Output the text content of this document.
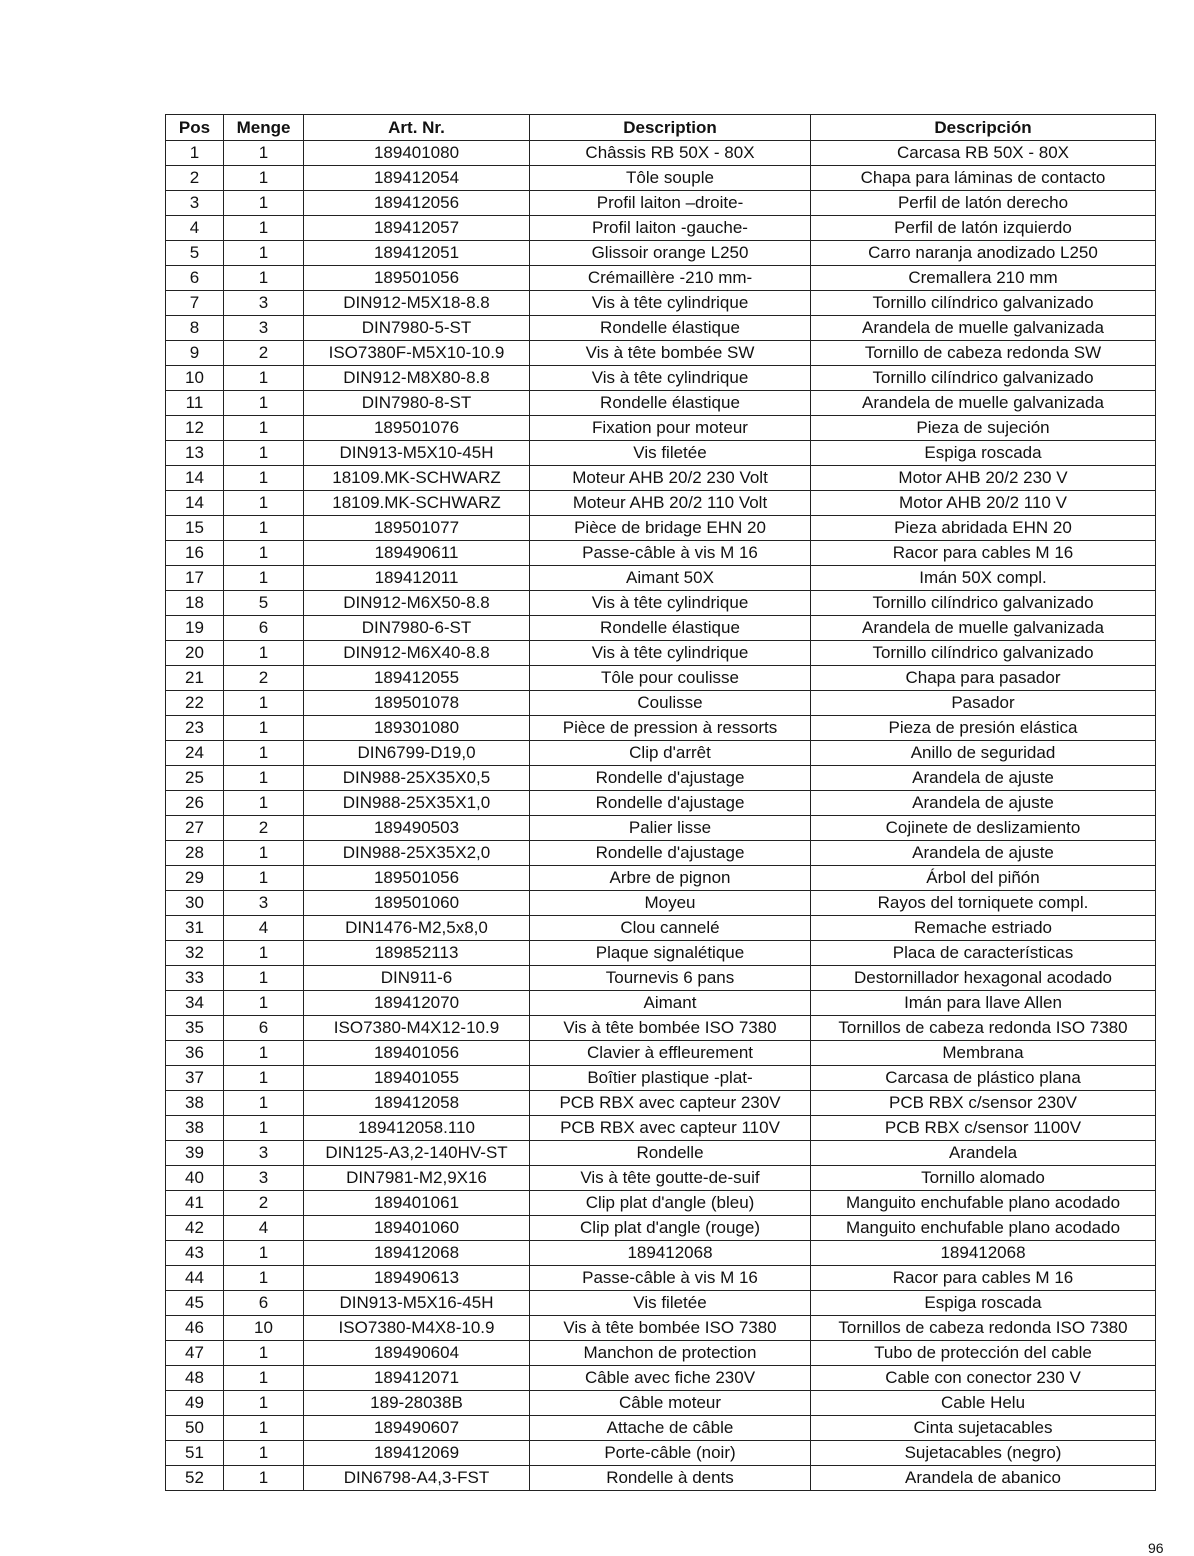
Pos	Menge	Art. Nr.	Description	Descripción
1	1	189401080	Châssis RB 50X - 80X	Carcasa RB 50X - 80X
2	1	189412054	Tôle souple	Chapa para láminas de contacto
3	1	189412056	Profil laiton –droite-	Perfil de latón derecho
4	1	189412057	Profil laiton -gauche-	Perfil de latón izquierdo
5	1	189412051	Glissoir orange L250	Carro naranja anodizado L250
6	1	189501056	Crémaillère -210 mm-	Cremallera 210 mm
7	3	DIN912-M5X18-8.8	Vis à tête cylindrique	Tornillo cilíndrico galvanizado
8	3	DIN7980-5-ST	Rondelle élastique	Arandela de muelle galvanizada
9	2	ISO7380F-M5X10-10.9	Vis à tête bombée SW	Tornillo de cabeza redonda SW
10	1	DIN912-M8X80-8.8	Vis à tête cylindrique	Tornillo cilíndrico galvanizado
11	1	DIN7980-8-ST	Rondelle élastique	Arandela de muelle galvanizada
12	1	189501076	Fixation pour moteur	Pieza de sujeción
13	1	DIN913-M5X10-45H	Vis filetée	Espiga roscada
14	1	18109.MK-SCHWARZ	Moteur AHB 20/2 230 Volt	Motor AHB 20/2 230 V
14	1	18109.MK-SCHWARZ	Moteur AHB 20/2 110 Volt	Motor AHB 20/2 110 V
15	1	189501077	Pièce de bridage EHN 20	Pieza abridada EHN 20
16	1	189490611	Passe-câble à vis M 16	Racor para cables M 16
17	1	189412011	Aimant 50X	Imán 50X compl.
18	5	DIN912-M6X50-8.8	Vis à tête cylindrique	Tornillo cilíndrico galvanizado
19	6	DIN7980-6-ST	Rondelle élastique	Arandela de muelle galvanizada
20	1	DIN912-M6X40-8.8	Vis à tête cylindrique	Tornillo cilíndrico galvanizado
21	2	189412055	Tôle pour coulisse	Chapa para pasador
22	1	189501078	Coulisse	Pasador
23	1	189301080	Pièce de pression à ressorts	Pieza de presión elástica
24	1	DIN6799-D19,0	Clip d'arrêt	Anillo de seguridad
25	1	DIN988-25X35X0,5	Rondelle d'ajustage	Arandela de ajuste
26	1	DIN988-25X35X1,0	Rondelle d'ajustage	Arandela de ajuste
27	2	189490503	Palier lisse	Cojinete de deslizamiento
28	1	DIN988-25X35X2,0	Rondelle d'ajustage	Arandela de ajuste
29	1	189501056	Arbre de pignon	Árbol del piñón
30	3	189501060	Moyeu	Rayos del torniquete compl.
31	4	DIN1476-M2,5x8,0	Clou cannelé	Remache estriado
32	1	189852113	Plaque signalétique	Placa de características
33	1	DIN911-6	Tournevis 6 pans	Destornillador hexagonal acodado
34	1	189412070	Aimant	Imán para llave Allen
35	6	ISO7380-M4X12-10.9	Vis à tête bombée ISO 7380	Tornillos de cabeza redonda ISO 7380
36	1	189401056	Clavier à effleurement	Membrana
37	1	189401055	Boîtier plastique -plat-	Carcasa de plástico plana
38	1	189412058	PCB RBX avec capteur 230V	PCB RBX c/sensor 230V
38	1	189412058.110	PCB RBX avec capteur 110V	PCB RBX c/sensor 1100V
39	3	DIN125-A3,2-140HV-ST	Rondelle	Arandela
40	3	DIN7981-M2,9X16	Vis à tête goutte-de-suif	Tornillo alomado
41	2	189401061	Clip plat d'angle (bleu)	Manguito enchufable plano acodado
42	4	189401060	Clip plat d'angle (rouge)	Manguito enchufable plano acodado
43	1	189412068	189412068	189412068
44	1	189490613	Passe-câble à vis M 16	Racor para cables M 16
45	6	DIN913-M5X16-45H	Vis filetée	Espiga roscada
46	10	ISO7380-M4X8-10.9	Vis à tête bombée ISO 7380	Tornillos de cabeza redonda ISO 7380
47	1	189490604	Manchon de protection	Tubo de protección del cable
48	1	189412071	Câble avec fiche 230V	Cable con conector 230 V
49	1	189-28038B	Câble moteur	Cable Helu
50	1	189490607	Attache de câble	Cinta sujetacables
51	1	189412069	Porte-câble (noir)	Sujetacables (negro)
52	1	DIN6798-A4,3-FST	Rondelle à dents	Arandela de abanico
96
